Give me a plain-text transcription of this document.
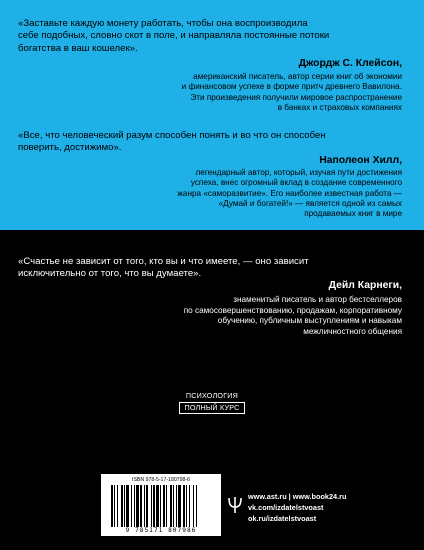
«Заставьте каждую монету работать, чтобы она воспроизводила
себе подобных, словно скот в поле, и направляла постоянные потоки
богатства в ваш кошелек».
Джордж С. Клейсон,
американский писатель, автор серии книг об экономии
и финансовом успехе в форме притч древнего Вавилона.
Эти произведения получили мировое распространение
в банках и страховых компаниях
«Все, что человеческий разум способен понять и во что он способен
поверить, достижимо».
Наполеон Хилл,
легендарный автор, который, изучая пути достижения
успеха, внес огромный вклад в создание современного
жанра «саморазвитие». Его наиболее известная работа —
«Думай и богатей!» — является одной из самых
продаваемых книг в мире
«Счастье не зависит от того, кто вы и что имеете, — оно зависит
исключительно от того, что вы думаете».
Дейл Карнеги,
знаменитый писатель и автор бестселлеров
по самосовершенствованию, продажам, корпоративному
обучению, публичным выступлениям и навыкам
межличностного общения
ПСИХОЛОГИЯ
ПОЛНЫЙ КУРС
ISBN 978-5-17-180798-6
9 785171 807986
www.ast.ru | www.book24.ru
vk.com/izdatelstvoast
ok.ru/izdatelstvoast
